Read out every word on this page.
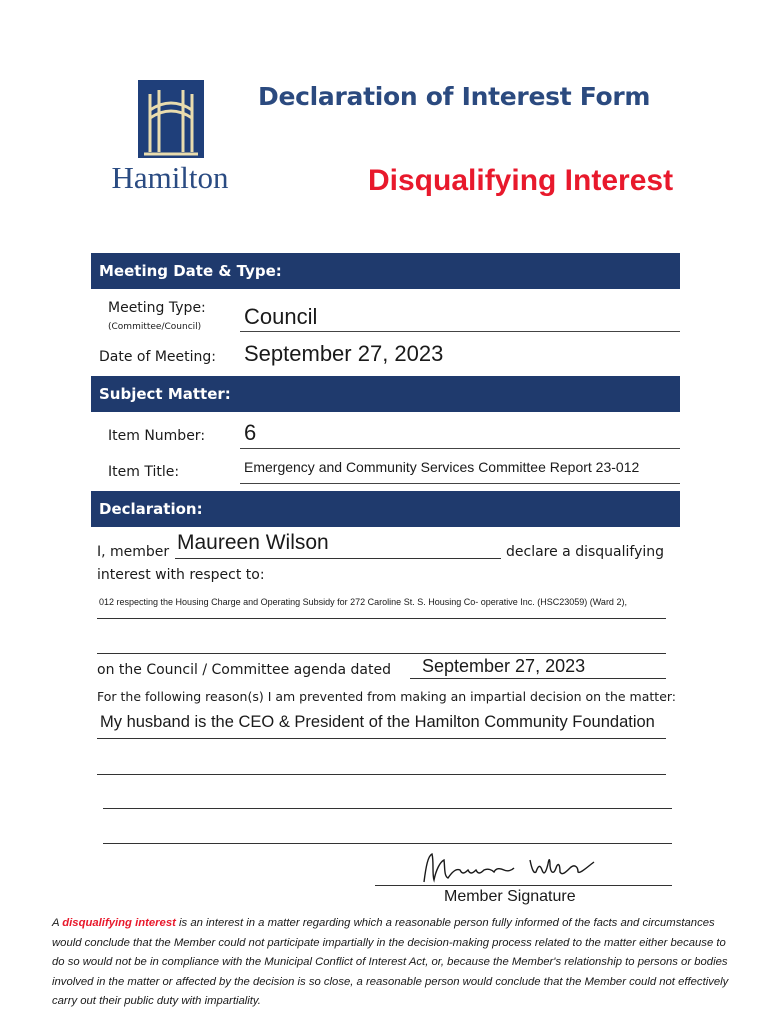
Hamilton
Declaration of Interest Form
Disqualifying Interest
Meeting Date & Type:
Meeting Type:
(Committee/Council) Council
Date of Meeting: September 27, 2023
Subject Matter:
Item Number: 6
Item Title:	Emergency and Community Services Committee Report 23-012
Declaration:
I, member Maureen Wilson	declare a disqualifying
interest with respect to:
012 respecting the Housing Charge and Operating Subsidy for 272 Caroline St. S. Housing Co- operative Inc. (HSC23059) (Ward 2),
on the Council / Committee agenda dated September 27, 2023
For the following reason(s) I am prevented from making an impartial decision on the matter:
My husband is the CEO & President of the Hamilton Community Foundation
Member Signature
A disqualifying interest is an interest in a matter regarding which a reasonable person fully informed of the facts and circumstances would conclude that the Member could not participate impartially in the decision-making process related to the matter either because to do so would not be in compliance with the Municipal Conflict of Interest Act, or, because the Member's relationship to persons or bodies involved in the matter or affected by the decision is so close, a reasonable person would conclude that the Member could not effectively carry out their public duty with impartiality.
